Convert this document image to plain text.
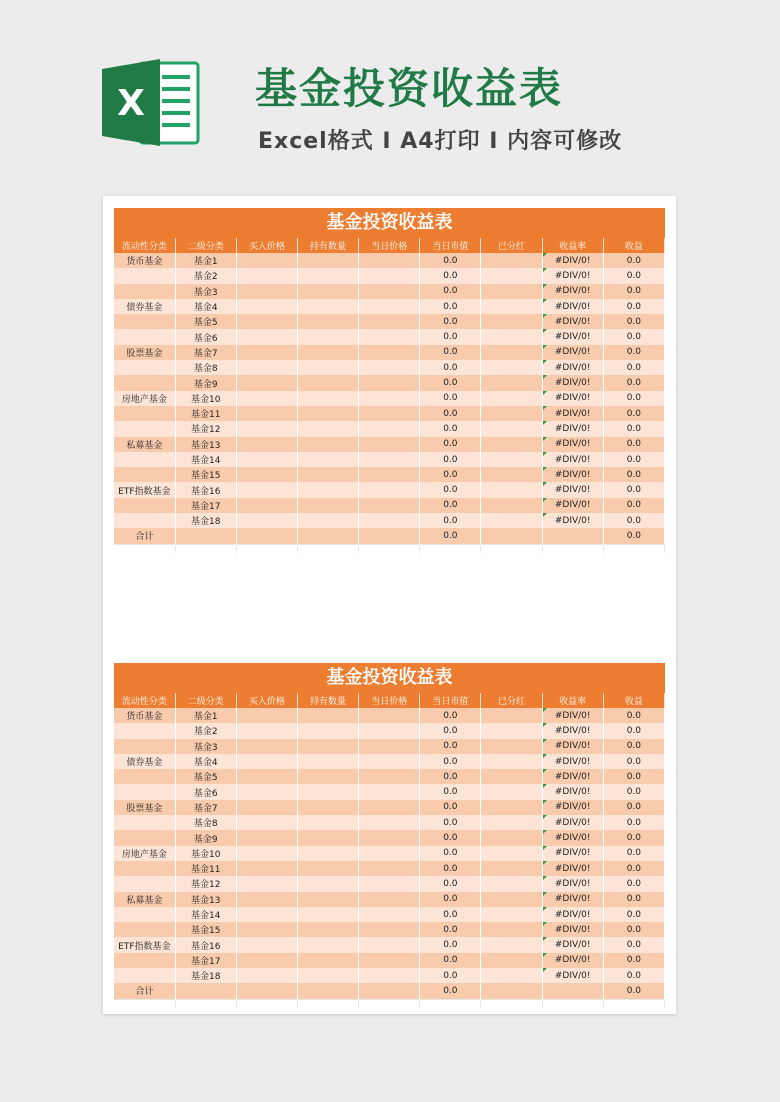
X	基金投资收益表
Excel格式 I A4打印 I 内容可修改
基金投资收益表
流动性分类	二级分类	买入价格	持有数量	当日价格	当日市值	已分红	收益率	收益
货币基金	基金1				0.0		#DIV/0!	0.0
	基金2				0.0		#DIV/0!	0.0
	基金3				0.0		#DIV/0!	0.0
债券基金	基金4				0.0		#DIV/0!	0.0
	基金5				0.0		#DIV/0!	0.0
	基金6				0.0		#DIV/0!	0.0
股票基金	基金7				0.0		#DIV/0!	0.0
	基金8				0.0		#DIV/0!	0.0
	基金9				0.0		#DIV/0!	0.0
房地产基金	基金10				0.0		#DIV/0!	0.0
	基金11				0.0		#DIV/0!	0.0
	基金12				0.0		#DIV/0!	0.0
私募基金	基金13				0.0		#DIV/0!	0.0
	基金14				0.0		#DIV/0!	0.0
	基金15				0.0		#DIV/0!	0.0
ETF指数基金	基金16				0.0		#DIV/0!	0.0
	基金17				0.0		#DIV/0!	0.0
	基金18				0.0		#DIV/0!	0.0
合计					0.0			0.0

基金投资收益表
流动性分类	二级分类	买入价格	持有数量	当日价格	当日市值	已分红	收益率	收益
货币基金	基金1				0.0		#DIV/0!	0.0
	基金2				0.0		#DIV/0!	0.0
	基金3				0.0		#DIV/0!	0.0
债券基金	基金4				0.0		#DIV/0!	0.0
	基金5				0.0		#DIV/0!	0.0
	基金6				0.0		#DIV/0!	0.0
股票基金	基金7				0.0		#DIV/0!	0.0
	基金8				0.0		#DIV/0!	0.0
	基金9				0.0		#DIV/0!	0.0
房地产基金	基金10				0.0		#DIV/0!	0.0
	基金11				0.0		#DIV/0!	0.0
	基金12				0.0		#DIV/0!	0.0
私募基金	基金13				0.0		#DIV/0!	0.0
	基金14				0.0		#DIV/0!	0.0
	基金15				0.0		#DIV/0!	0.0
ETF指数基金	基金16				0.0		#DIV/0!	0.0
	基金17				0.0		#DIV/0!	0.0
	基金18				0.0		#DIV/0!	0.0
合计					0.0			0.0
